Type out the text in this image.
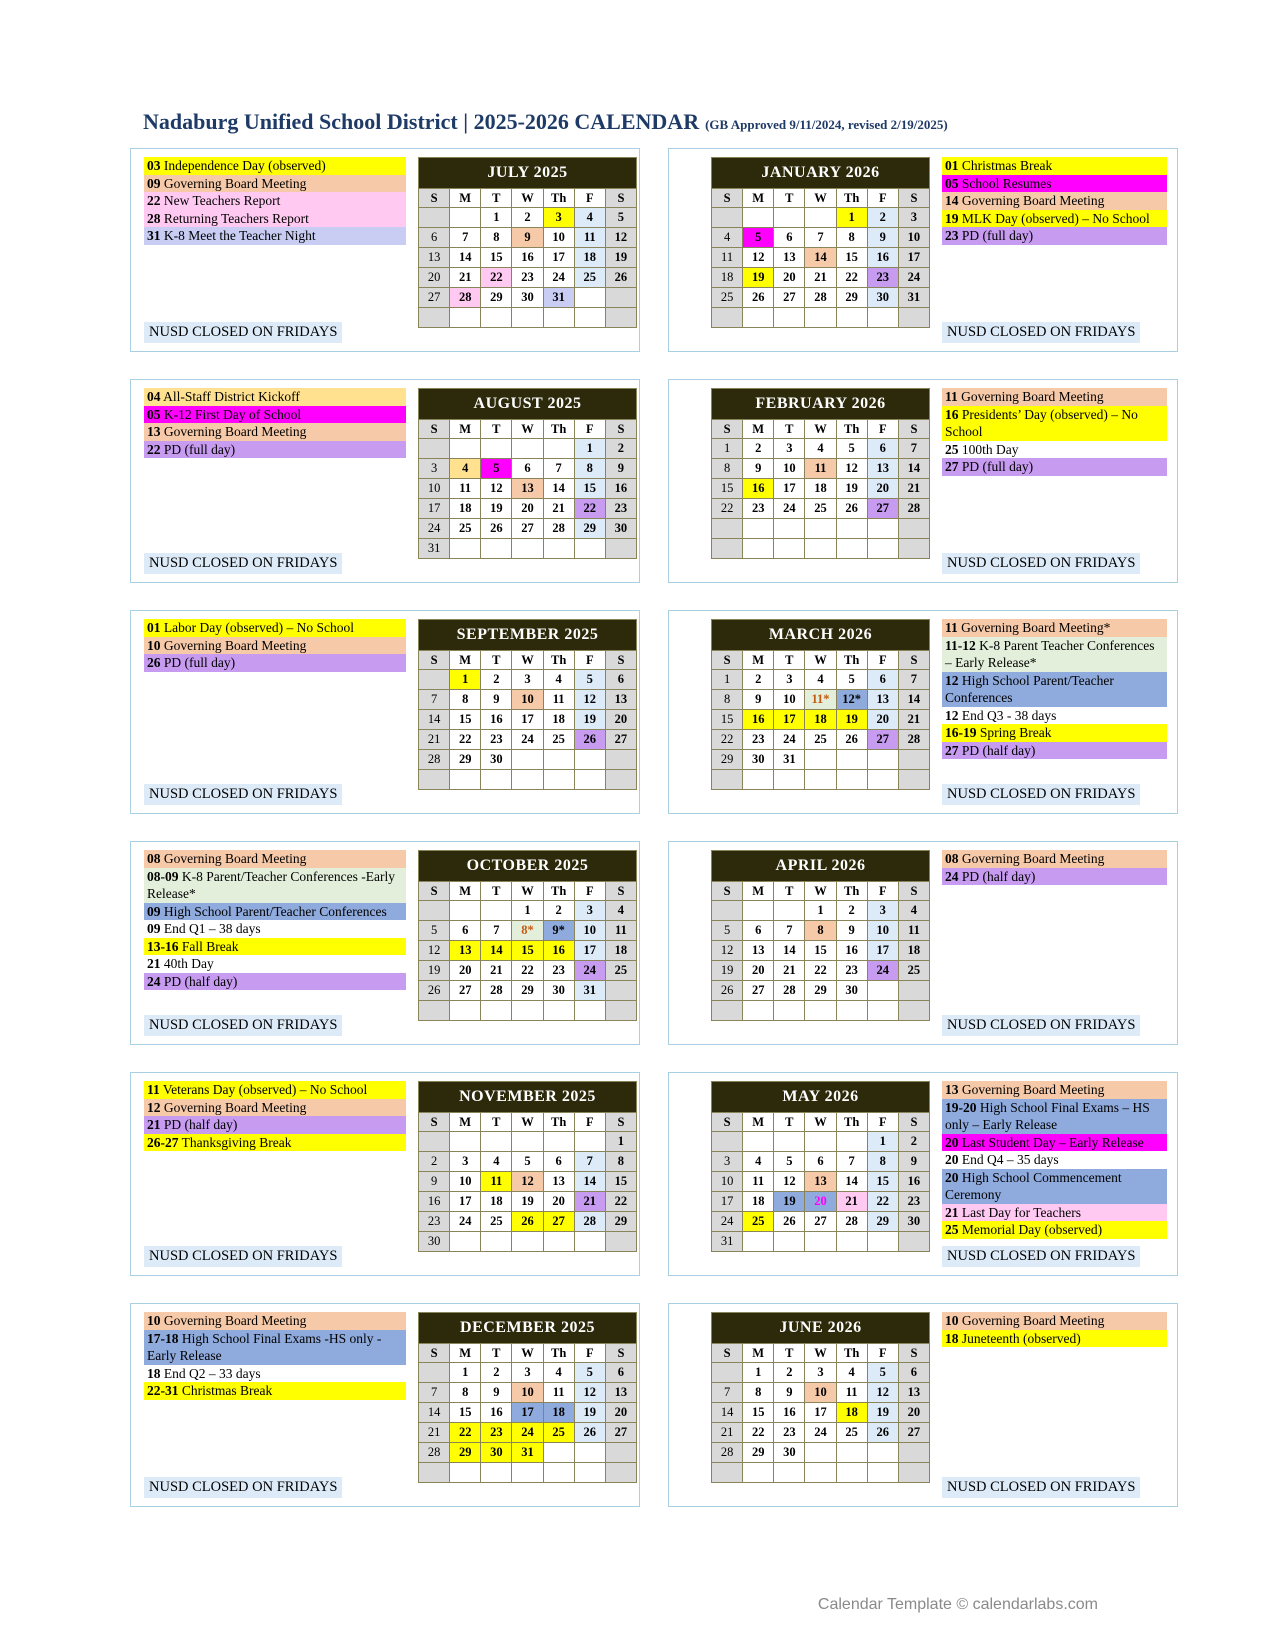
Nadaburg Unified School District | 2025-2026 CALENDAR (GB Approved 9/11/2024, revised 2/19/2025)
03 Independence Day (observed)
09 Governing Board Meeting
22 New Teachers Report
28 Returning Teachers Report
31 K-8 Meet the Teacher Night
NUSD CLOSED ON FRIDAYS
JULY 2025						
S	M	T	W	Th	F	S
		1	2	3	4	5
6	7	8	9	10	11	12
13	14	15	16	17	18	19
20	21	22	23	24	25	26
27	28	29	30	31		

JANUARY 2026						
S	M	T	W	Th	F	S
				1	2	3
4	5	6	7	8	9	10
11	12	13	14	15	16	17
18	19	20	21	22	23	24
25	26	27	28	29	30	31

01 Christmas Break
05 School Resumes
14 Governing Board Meeting
19 MLK Day (observed) – No School
23 PD (full day)
NUSD CLOSED ON FRIDAYS
04 All-Staff District Kickoff
05 K-12 First Day of School
13 Governing Board Meeting
22 PD (full day)
NUSD CLOSED ON FRIDAYS
AUGUST 2025						
S	M	T	W	Th	F	S
					1	2
3	4	5	6	7	8	9
10	11	12	13	14	15	16
17	18	19	20	21	22	23
24	25	26	27	28	29	30
31						
FEBRUARY 2026						
S	M	T	W	Th	F	S
1	2	3	4	5	6	7
8	9	10	11	12	13	14
15	16	17	18	19	20	21
22	23	24	25	26	27	28

11 Governing Board Meeting
16 Presidents’ Day (observed) – No School
25 100th Day
27 PD (full day)
NUSD CLOSED ON FRIDAYS
01 Labor Day (observed) – No School
10 Governing Board Meeting
26 PD (full day)
NUSD CLOSED ON FRIDAYS
SEPTEMBER 2025						
S	M	T	W	Th	F	S
	1	2	3	4	5	6
7	8	9	10	11	12	13
14	15	16	17	18	19	20
21	22	23	24	25	26	27
28	29	30				

MARCH 2026						
S	M	T	W	Th	F	S
1	2	3	4	5	6	7
8	9	10	11*	12*	13	14
15	16	17	18	19	20	21
22	23	24	25	26	27	28
29	30	31				

11 Governing Board Meeting*
11-12 K-8 Parent Teacher Conferences – Early Release*
12 High School Parent/Teacher Conferences
12 End Q3 - 38 days
16-19 Spring Break
27 PD (half day)
NUSD CLOSED ON FRIDAYS
08 Governing Board Meeting
08-09 K-8 Parent/Teacher Conferences -Early Release*
09 High School Parent/Teacher Conferences
09 End Q1 – 38 days
13-16 Fall Break
21 40th Day
24 PD (half day)
NUSD CLOSED ON FRIDAYS
OCTOBER 2025						
S	M	T	W	Th	F	S
			1	2	3	4
5	6	7	8*	9*	10	11
12	13	14	15	16	17	18
19	20	21	22	23	24	25
26	27	28	29	30	31	

APRIL 2026						
S	M	T	W	Th	F	S
			1	2	3	4
5	6	7	8	9	10	11
12	13	14	15	16	17	18
19	20	21	22	23	24	25
26	27	28	29	30		

08 Governing Board Meeting
24 PD (half day)
NUSD CLOSED ON FRIDAYS
11 Veterans Day (observed) – No School
12 Governing Board Meeting
21 PD (half day)
26-27 Thanksgiving Break
NUSD CLOSED ON FRIDAYS
NOVEMBER 2025						
S	M	T	W	Th	F	S
						1
2	3	4	5	6	7	8
9	10	11	12	13	14	15
16	17	18	19	20	21	22
23	24	25	26	27	28	29
30						
MAY 2026						
S	M	T	W	Th	F	S
					1	2
3	4	5	6	7	8	9
10	11	12	13	14	15	16
17	18	19	20	21	22	23
24	25	26	27	28	29	30
31						
13 Governing Board Meeting
19-20 High School Final Exams – HS only – Early Release
20 Last Student Day – Early Release
20 End Q4 – 35 days
20 High School Commencement Ceremony
21 Last Day for Teachers
25 Memorial Day (observed)
NUSD CLOSED ON FRIDAYS
10 Governing Board Meeting
17-18 High School Final Exams -HS only - Early Release
18 End Q2 – 33 days
22-31 Christmas Break
NUSD CLOSED ON FRIDAYS
DECEMBER 2025						
S	M	T	W	Th	F	S
	1	2	3	4	5	6
7	8	9	10	11	12	13
14	15	16	17	18	19	20
21	22	23	24	25	26	27
28	29	30	31			

JUNE 2026						
S	M	T	W	Th	F	S
	1	2	3	4	5	6
7	8	9	10	11	12	13
14	15	16	17	18	19	20
21	22	23	24	25	26	27
28	29	30				

10 Governing Board Meeting
18 Juneteenth (observed)
NUSD CLOSED ON FRIDAYS
Calendar Template © calendarlabs.com
